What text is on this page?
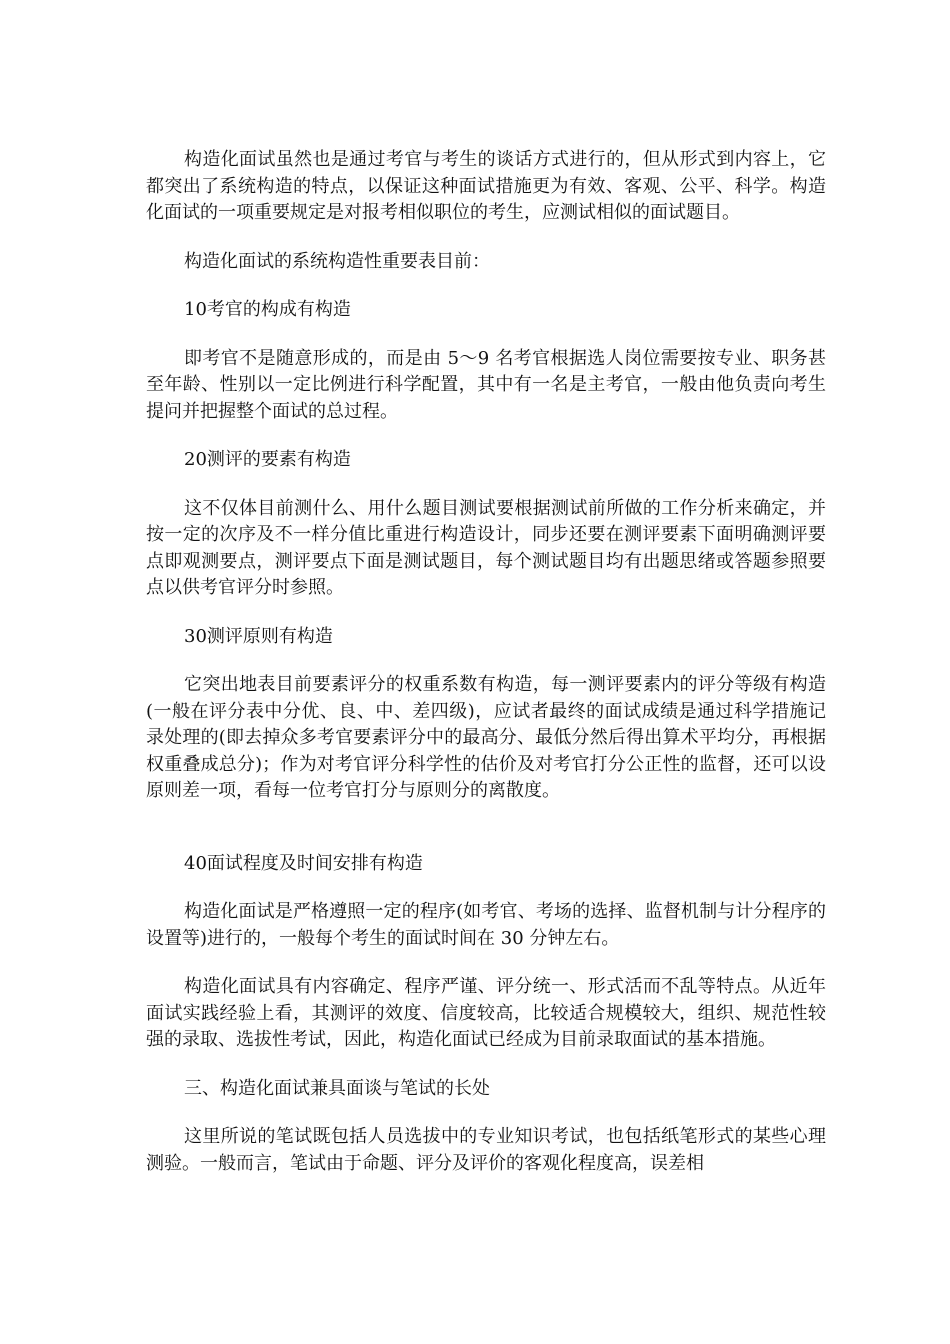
构造化面试虽然也是通过考官与考生的谈话方式进行的，但从形式到内容上，它都突出了系统构造的特点，以保证这种面试措施更为有效、客观、公平、科学。构造化面试的一项重要规定是对报考相似职位的考生，应测试相似的面试题目。

构造化面试的系统构造性重要表目前：

10考官的构成有构造

即考官不是随意形成的，而是由 5～9 名考官根据选人岗位需要按专业、职务甚至年龄、性别以一定比例进行科学配置，其中有一名是主考官，一般由他负责向考生提问并把握整个面试的总过程。

20测评的要素有构造

这不仅体目前测什么、用什么题目测试要根据测试前所做的工作分析来确定，并按一定的次序及不一样分值比重进行构造设计，同步还要在测评要素下面明确测评要点即观测要点，测评要点下面是测试题目，每个测试题目均有出题思绪或答题参照要点以供考官评分时参照。

30测评原则有构造

它突出地表目前要素评分的权重系数有构造，每一测评要素内的评分等级有构造(一般在评分表中分优、良、中、差四级)，应试者最终的面试成绩是通过科学措施记录处理的(即去掉众多考官要素评分中的最高分、最低分然后得出算术平均分，再根据权重叠成总分)；作为对考官评分科学性的估价及对考官打分公正性的监督，还可以设原则差一项，看每一位考官打分与原则分的离散度。

40面试程度及时间安排有构造

构造化面试是严格遵照一定的程序(如考官、考场的选择、监督机制与计分程序的设置等)进行的，一般每个考生的面试时间在 30 分钟左右。

构造化面试具有内容确定、程序严谨、评分统一、形式活而不乱等特点。从近年面试实践经验上看，其测评的效度、信度较高，比较适合规模较大，组织、规范性较强的录取、选拔性考试，因此，构造化面试已经成为目前录取面试的基本措施。

三、构造化面试兼具面谈与笔试的长处

这里所说的笔试既包括人员选拔中的专业知识考试，也包括纸笔形式的某些心理测验。一般而言，笔试由于命题、评分及评价的客观化程度高，误差相
